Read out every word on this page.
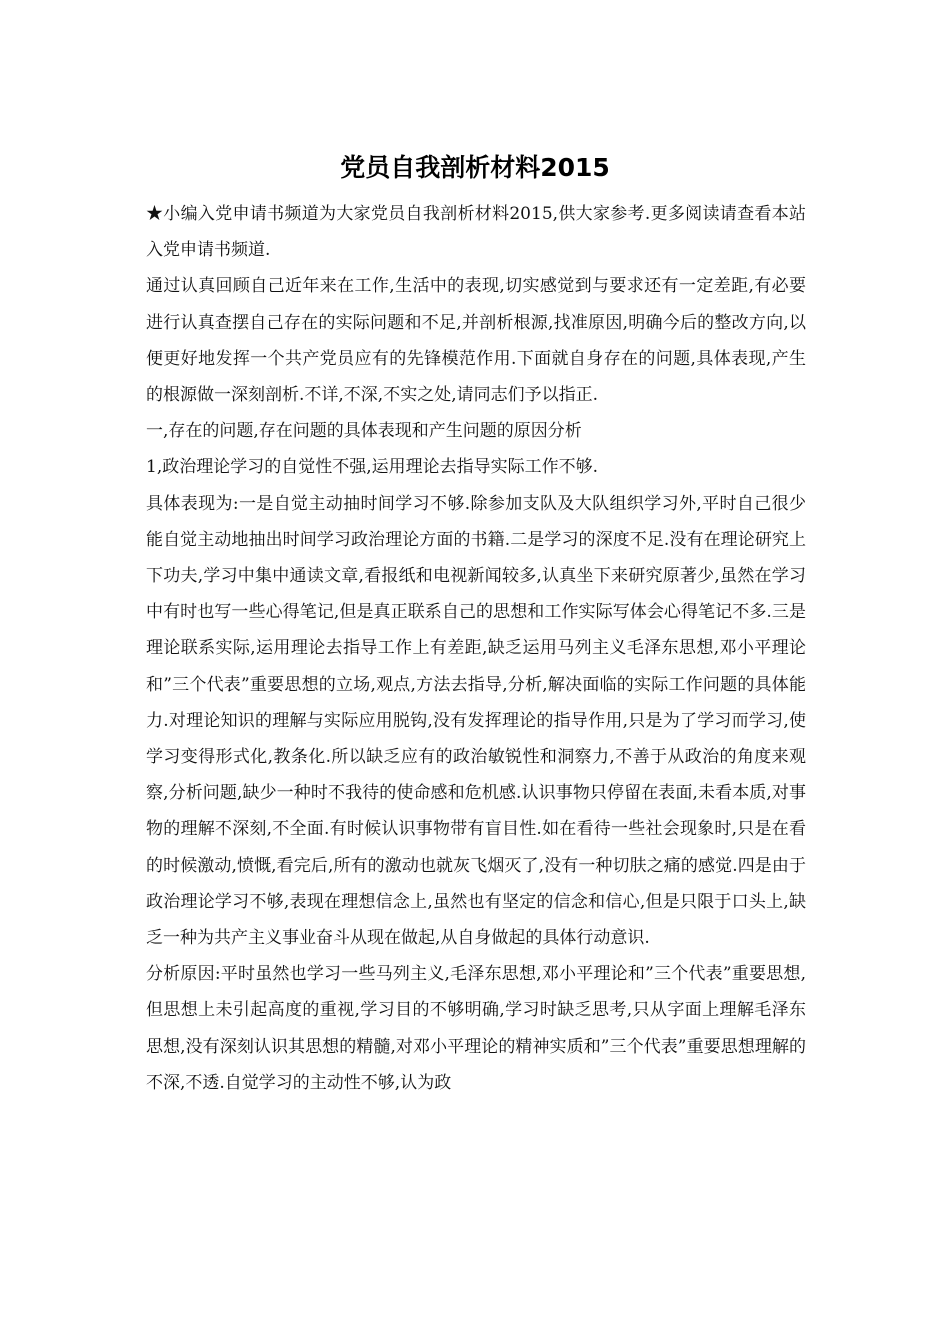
党员自我剖析材料2015

★小编入党申请书频道为大家党员自我剖析材料2015,供大家参考.更多阅读请查看本站入党申请书频道.

通过认真回顾自己近年来在工作,生活中的表现,切实感觉到与要求还有一定差距,有必要进行认真查摆自己存在的实际问题和不足,并剖析根源,找准原因,明确今后的整改方向,以便更好地发挥一个共产党员应有的先锋模范作用.下面就自身存在的问题,具体表现,产生的根源做一深刻剖析.不详,不深,不实之处,请同志们予以指正.

一,存在的问题,存在问题的具体表现和产生问题的原因分析

1,政治理论学习的自觉性不强,运用理论去指导实际工作不够.

具体表现为:一是自觉主动抽时间学习不够.除参加支队及大队组织学习外,平时自己很少能自觉主动地抽出时间学习政治理论方面的书籍.二是学习的深度不足.没有在理论研究上下功夫,学习中集中通读文章,看报纸和电视新闻较多,认真坐下来研究原著少,虽然在学习中有时也写一些心得笔记,但是真正联系自己的思想和工作实际写体会心得笔记不多.三是理论联系实际,运用理论去指导工作上有差距,缺乏运用马列主义毛泽东思想,邓小平理论和”三个代表”重要思想的立场,观点,方法去指导,分析,解决面临的实际工作问题的具体能力.对理论知识的理解与实际应用脱钩,没有发挥理论的指导作用,只是为了学习而学习,使学习变得形式化,教条化.所以缺乏应有的政治敏锐性和洞察力,不善于从政治的角度来观察,分析问题,缺少一种时不我待的使命感和危机感.认识事物只停留在表面,未看本质,对事物的理解不深刻,不全面.有时候认识事物带有盲目性.如在看待一些社会现象时,只是在看的时候激动,愤慨,看完后,所有的激动也就灰飞烟灭了,没有一种切肤之痛的感觉.四是由于政治理论学习不够,表现在理想信念上,虽然也有坚定的信念和信心,但是只限于口头上,缺乏一种为共产主义事业奋斗从现在做起,从自身做起的具体行动意识.

分析原因:平时虽然也学习一些马列主义,毛泽东思想,邓小平理论和”三个代表”重要思想,但思想上未引起高度的重视,学习目的不够明确,学习时缺乏思考,只从字面上理解毛泽东思想,没有深刻认识其思想的精髓,对邓小平理论的精神实质和”三个代表”重要思想理解的不深,不透.自觉学习的主动性不够,认为政
